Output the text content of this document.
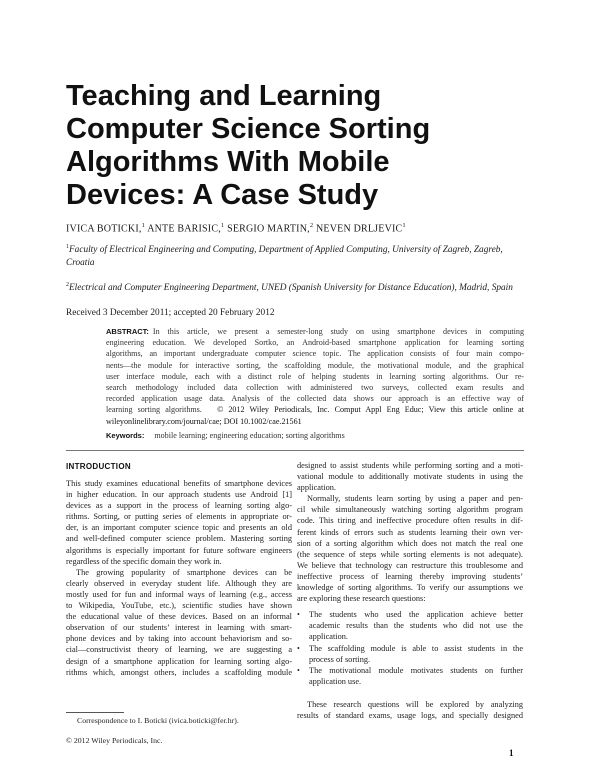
Teaching and Learning
Computer Science Sorting
Algorithms With Mobile
Devices: A Case Study
IVICA BOTICKI,$^1$ ANTE BARISIC,$^1$ SERGIO MARTIN,$^2$ NEVEN DRLJEVIC$^1$
$^1$Faculty of Electrical Engineering and Computing, Department of Applied Computing, University of Zagreb, Zagreb,
Croatia
$^2$Electrical and Computer Engineering Department, UNED (Spanish University for Distance Education), Madrid, Spain
Received 3 December 2011; accepted 20 February 2012
ABSTRACT: In this article, we present a semester-long study on using smartphone devices in computing
engineering education. We developed Sortko, an Android-based smartphone application for learning sorting
algorithms, an important undergraduate computer science topic. The application consists of four main compo-
nents—the module for interactive sorting, the scaffolding module, the motivational module, and the graphical
user interface module, each with a distinct role of helping students in learning sorting algorithms. Our re-
search methodology included data collection with administered two surveys, collected exam results and
recorded application usage data. Analysis of the collected data shows our approach is an effective way of
learning sorting algorithms. © 2012 Wiley Periodicals, Inc. Comput Appl Eng Educ; View this article online at
wileyonlinelibrary.com/journal/cae; DOI 10.1002/cae.21561
Keywords: mobile learning; engineering education; sorting algorithms
INTRODUCTION
This study examines educational benefits of smartphone devices
in higher education. In our approach students use Android [1]
devices as a support in the process of learning sorting algo-
rithms. Sorting, or putting series of elements in appropriate or-
der, is an important computer science topic and presents an old
and well-defined computer science problem. Mastering sorting
algorithms is especially important for future software engineers
regardless of the specific domain they work in.
The growing popularity of smartphone devices can be
clearly observed in everyday student life. Although they are
mostly used for fun and informal ways of learning (e.g., access
to Wikipedia, YouTube, etc.), scientific studies have shown
the educational value of these devices. Based on an informal
observation of our students’ interest in learning with smart-
phone devices and by taking into account behaviorism and so-
cial—constructivist theory of learning, we are suggesting a
design of a smartphone application for learning sorting algo-
rithms which, amongst others, includes a scaffolding module
designed to assist students while performing sorting and a moti-
vational module to additionally motivate students in using the
application.
Normally, students learn sorting by using a paper and pen-
cil while simultaneously watching sorting algorithm program
code. This tiring and ineffective procedure often results in dif-
ferent kinds of errors such as students learning their own ver-
sion of a sorting algorithm which does not match the real one
(the sequence of steps while sorting elements is not adequate).
We believe that technology can restructure this troublesome and
ineffective process of learning thereby improving students’
knowledge of sorting algorithms. To verify our assumptions we
are exploring these research questions:
• The students who used the application achieve better
academic results than the students who did not use the
application.
• The scaffolding module is able to assist students in the
process of sorting.
• The motivational module motivates students on further
application use.
These research questions will be explored by analyzing
results of standard exams, usage logs, and specially designed
Correspondence to I. Boticki (ivica.boticki@fer.hr).
© 2012 Wiley Periodicals, Inc.
1
